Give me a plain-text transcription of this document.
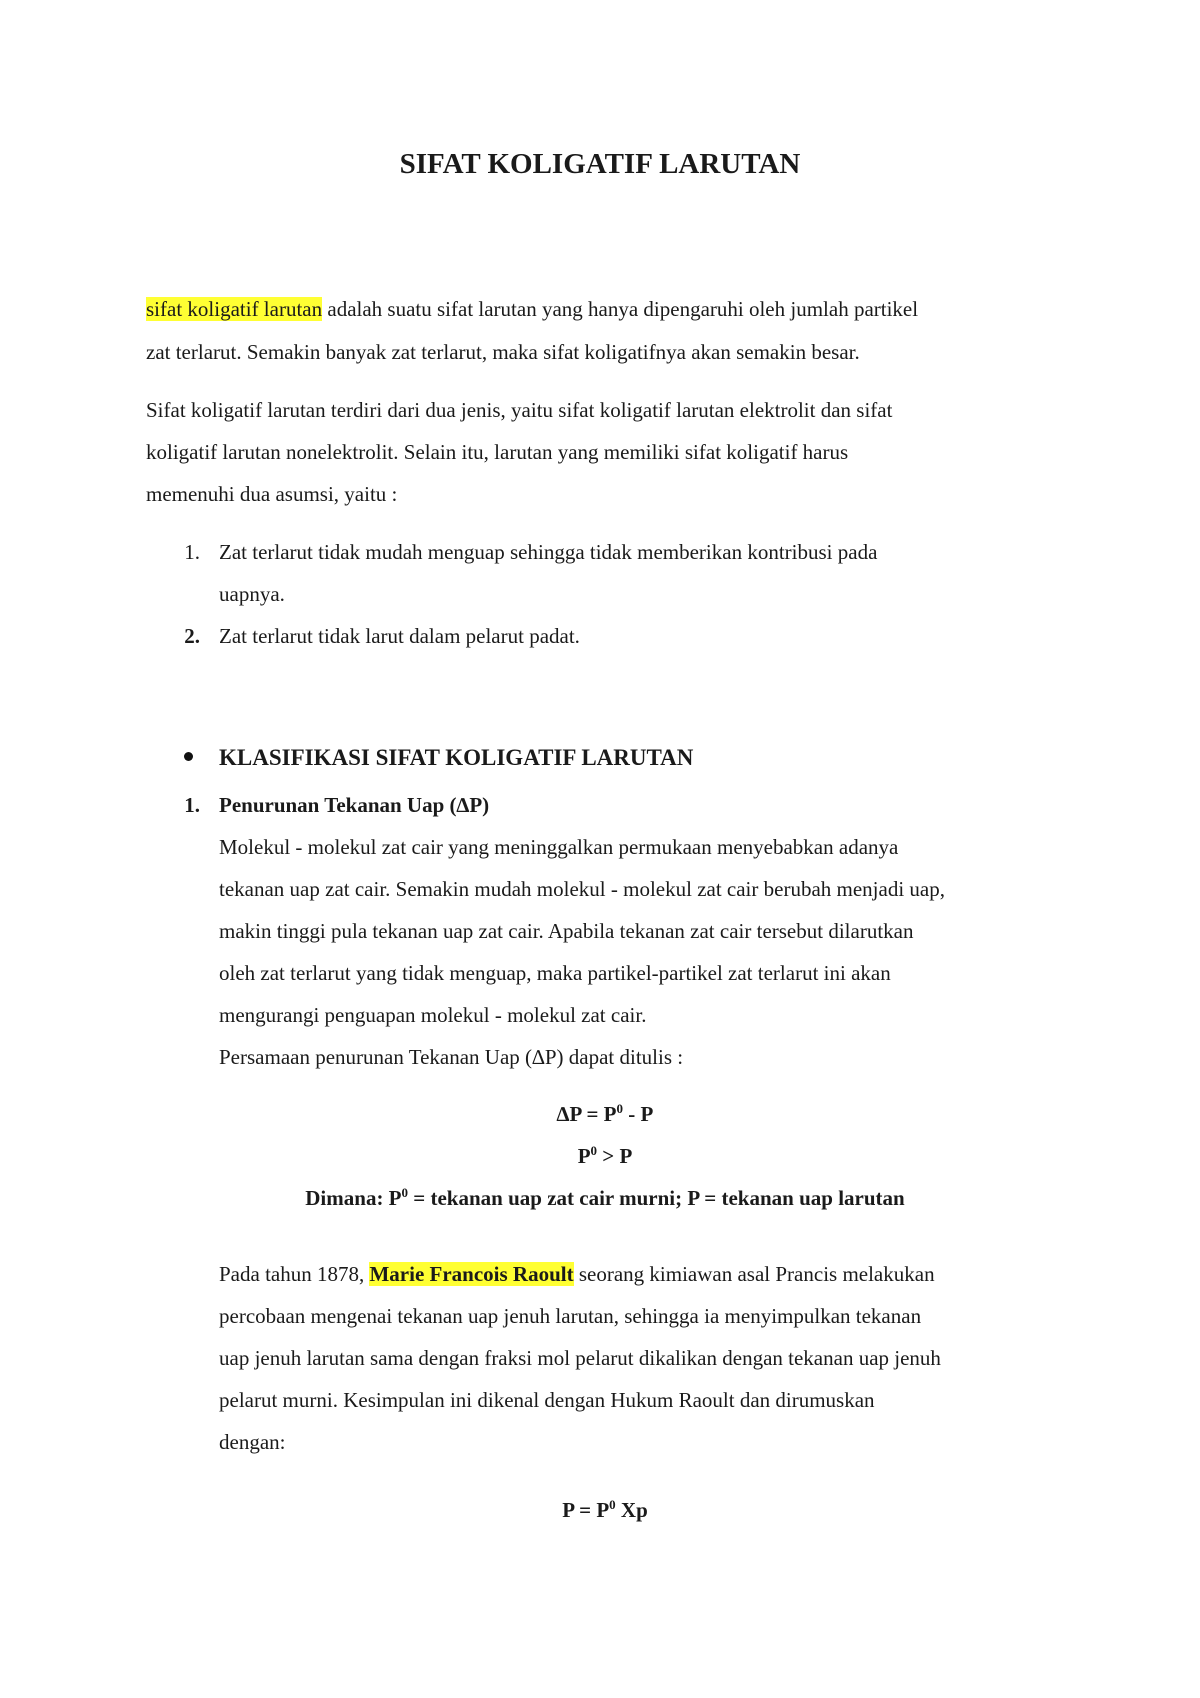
SIFAT KOLIGATIF LARUTAN
sifat koligatif larutan adalah suatu sifat larutan yang hanya dipengaruhi oleh jumlah partikel
zat terlarut. Semakin banyak zat terlarut, maka sifat koligatifnya akan semakin besar.
Sifat koligatif larutan terdiri dari dua jenis, yaitu sifat koligatif larutan elektrolit dan sifat
koligatif larutan nonelektrolit. Selain itu, larutan yang memiliki sifat koligatif harus
memenuhi dua asumsi, yaitu :
1. Zat terlarut tidak mudah menguap sehingga tidak memberikan kontribusi pada
uapnya.
2. Zat terlarut tidak larut dalam pelarut padat.
KLASIFIKASI SIFAT KOLIGATIF LARUTAN
1. Penurunan Tekanan Uap (∆P)
Molekul - molekul zat cair yang meninggalkan permukaan menyebabkan adanya
tekanan uap zat cair. Semakin mudah molekul - molekul zat cair berubah menjadi uap,
makin tinggi pula tekanan uap zat cair. Apabila tekanan zat cair tersebut dilarutkan
oleh zat terlarut yang tidak menguap, maka partikel-partikel zat terlarut ini akan
mengurangi penguapan molekul - molekul zat cair.
Persamaan penurunan Tekanan Uap (∆P) dapat ditulis :
$\Delta P = P^0 - P$
$P^0 > P$
Dimana: $P^0$ = tekanan uap zat cair murni; P = tekanan uap larutan
Pada tahun 1878, Marie Francois Raoult seorang kimiawan asal Prancis melakukan
percobaan mengenai tekanan uap jenuh larutan, sehingga ia menyimpulkan tekanan
uap jenuh larutan sama dengan fraksi mol pelarut dikalikan dengan tekanan uap jenuh
pelarut murni. Kesimpulan ini dikenal dengan Hukum Raoult dan dirumuskan
dengan:
$P = P^0$ Xp
